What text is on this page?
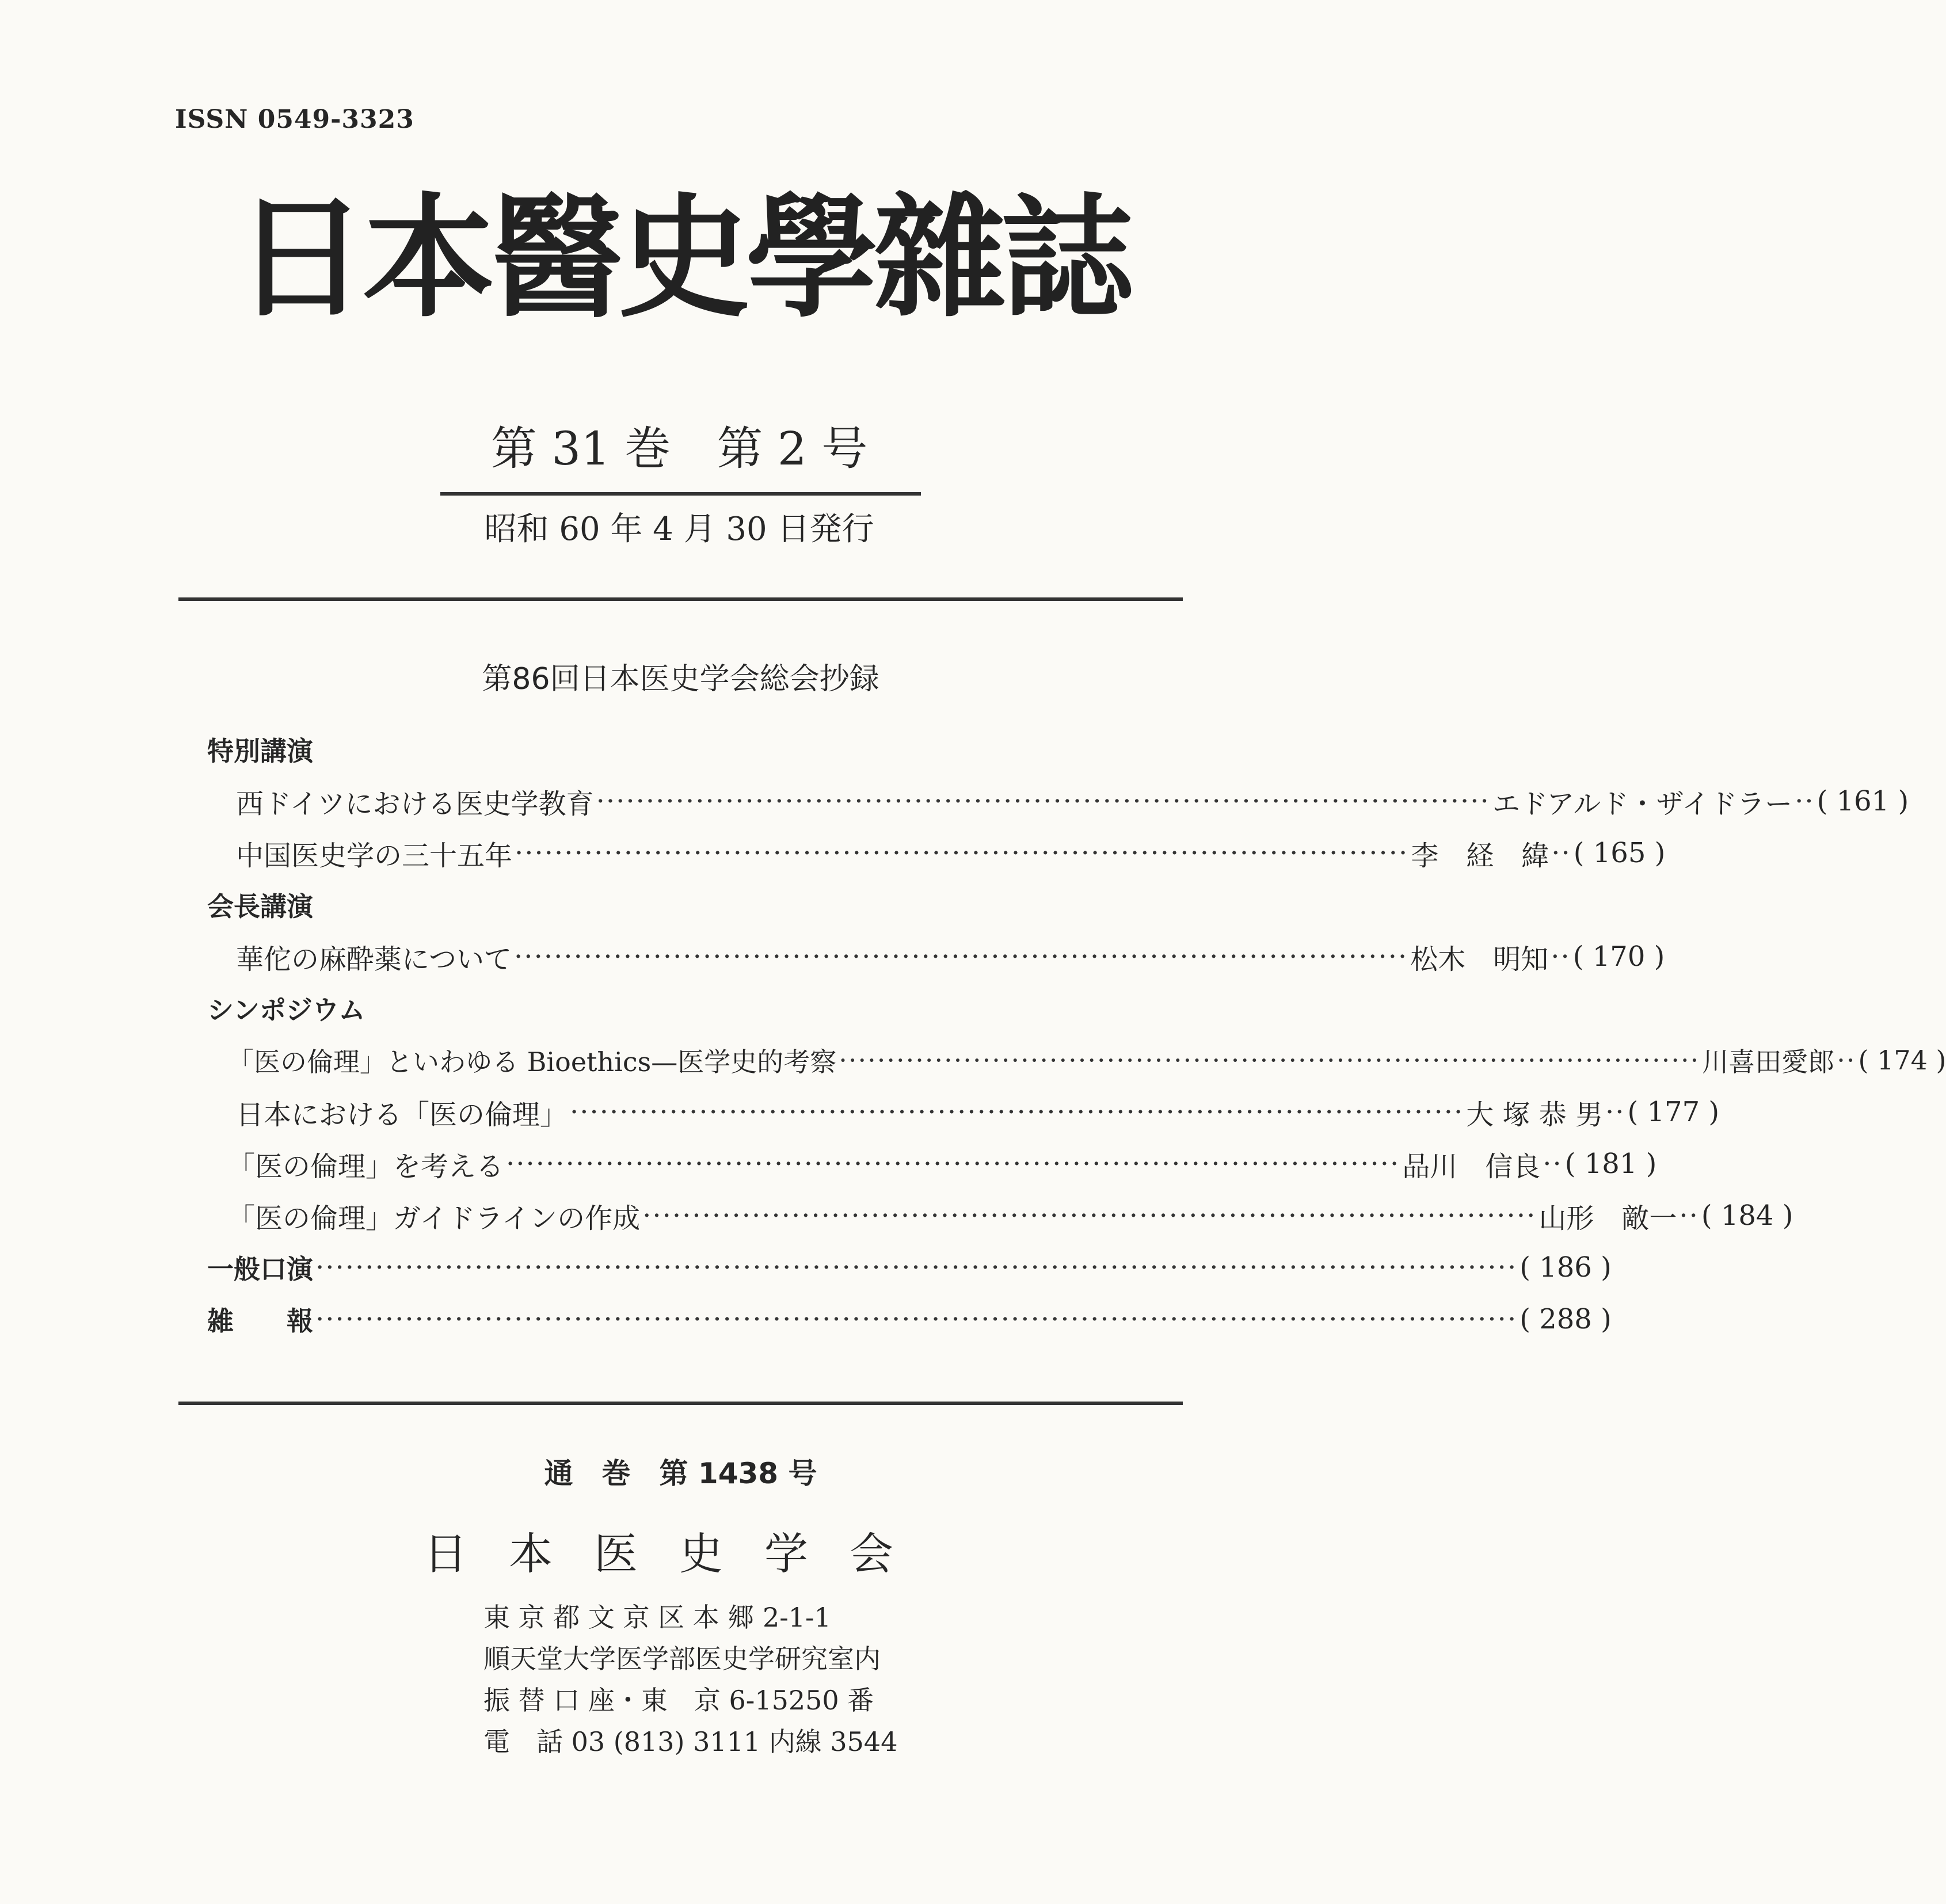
ISSN 0549-3323
日本醫史學雜誌
第 31 巻　第 2 号
昭和 60 年 4 月 30 日発行
第86回日本医史学会総会抄録
特別講演
西ドイツにおける医史学教育 ·························································································· エドアルド・ザイドラー ·· ( 161 )
中国医史学の三十五年 ·························································································· 李　経　緯 ·· ( 165 )
会長講演
華佗の麻酔薬について ·························································································· 松木　明知 ·· ( 170 )
シンポジウム
「医の倫理」といわゆる Bioethics—医学史的考察 ·························································································· 川喜田愛郎 ·· ( 174 )
日本における「医の倫理」 ·························································································· 大 塚 恭 男 ·· ( 177 )
「医の倫理」を考える ·························································································· 品川　信良 ·· ( 181 )
「医の倫理」ガイドラインの作成 ·························································································· 山形　敵一 ·· ( 184 )
一般口演 ························································································································· ( 186 )
雑　　報 ························································································································· ( 288 )
通　巻　第 1438 号
日本医史学会
東 京 都 文 京 区 本 郷 2-1-1
順天堂大学医学部医史学研究室内
振 替 口 座・東　京 6-15250 番
電　話 03 (813) 3111 内線 3544
